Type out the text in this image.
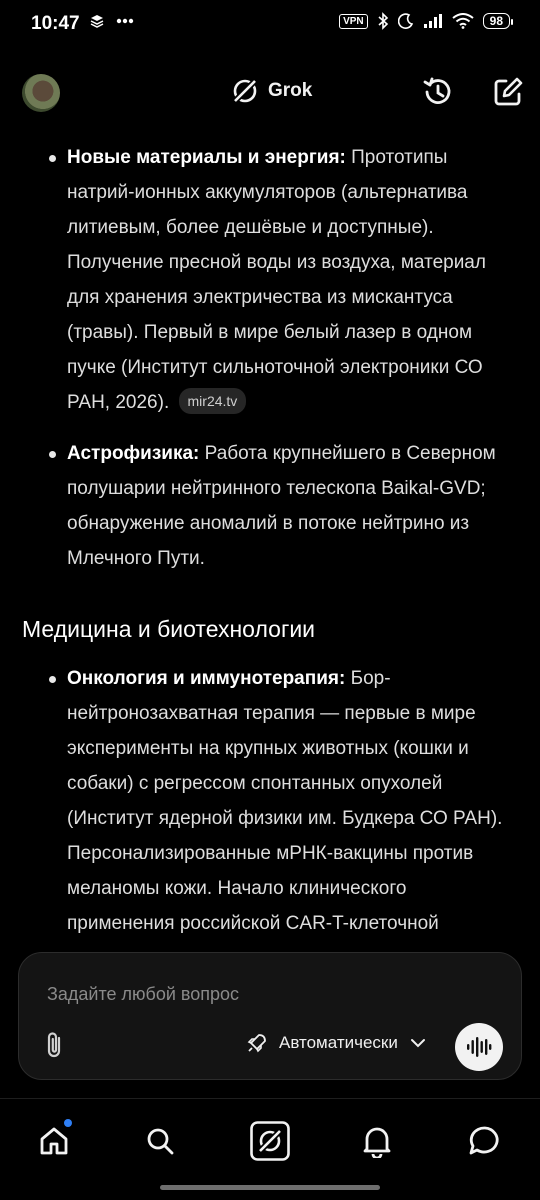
10:47	VPN	98
Grok
Новые материалы и энергия: Прототипы натрий-ионных аккумуляторов (альтернатива литиевым, более дешёвые и доступные). Получение пресной воды из воздуха, материал для хранения электричества из мискантуса (травы). Первый в мире белый лазер в одном пучке (Институт сильноточной электроники СО РАН, 2026). mir24.tv
Астрофизика: Работа крупнейшего в Северном полушарии нейтринного телескопа Baikal-GVD; обнаружение аномалий в потоке нейтрино из Млечного Пути.
Медицина и биотехнологии
Онкология и иммунотерапия: Бор-нейтронозахватная терапия — первые в мире эксперименты на крупных животных (кошки и собаки) с регрессом спонтанных опухолей (Институт ядерной физики им. Будкера СО РАН). Персонализированные мРНК-вакцины против меланомы кожи. Начало клинического применения российской CAR-T-клеточной
Задайте любой вопрос
Автоматически
